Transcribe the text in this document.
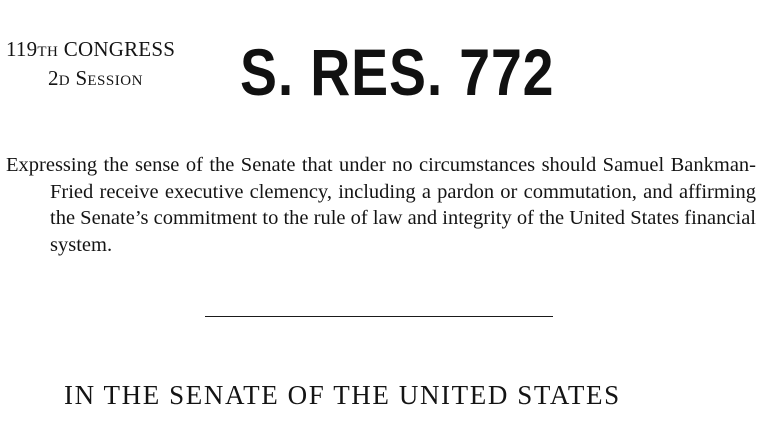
119TH CONGRESS
2D SESSION	S. RES. 772
Expressing the sense of the Senate that under no circumstances should Samuel Bankman-Fried receive executive clemency, including a pardon or commutation, and affirming the Senate’s commitment to the rule of law and integrity of the United States financial system.
IN THE SENATE OF THE UNITED STATES
